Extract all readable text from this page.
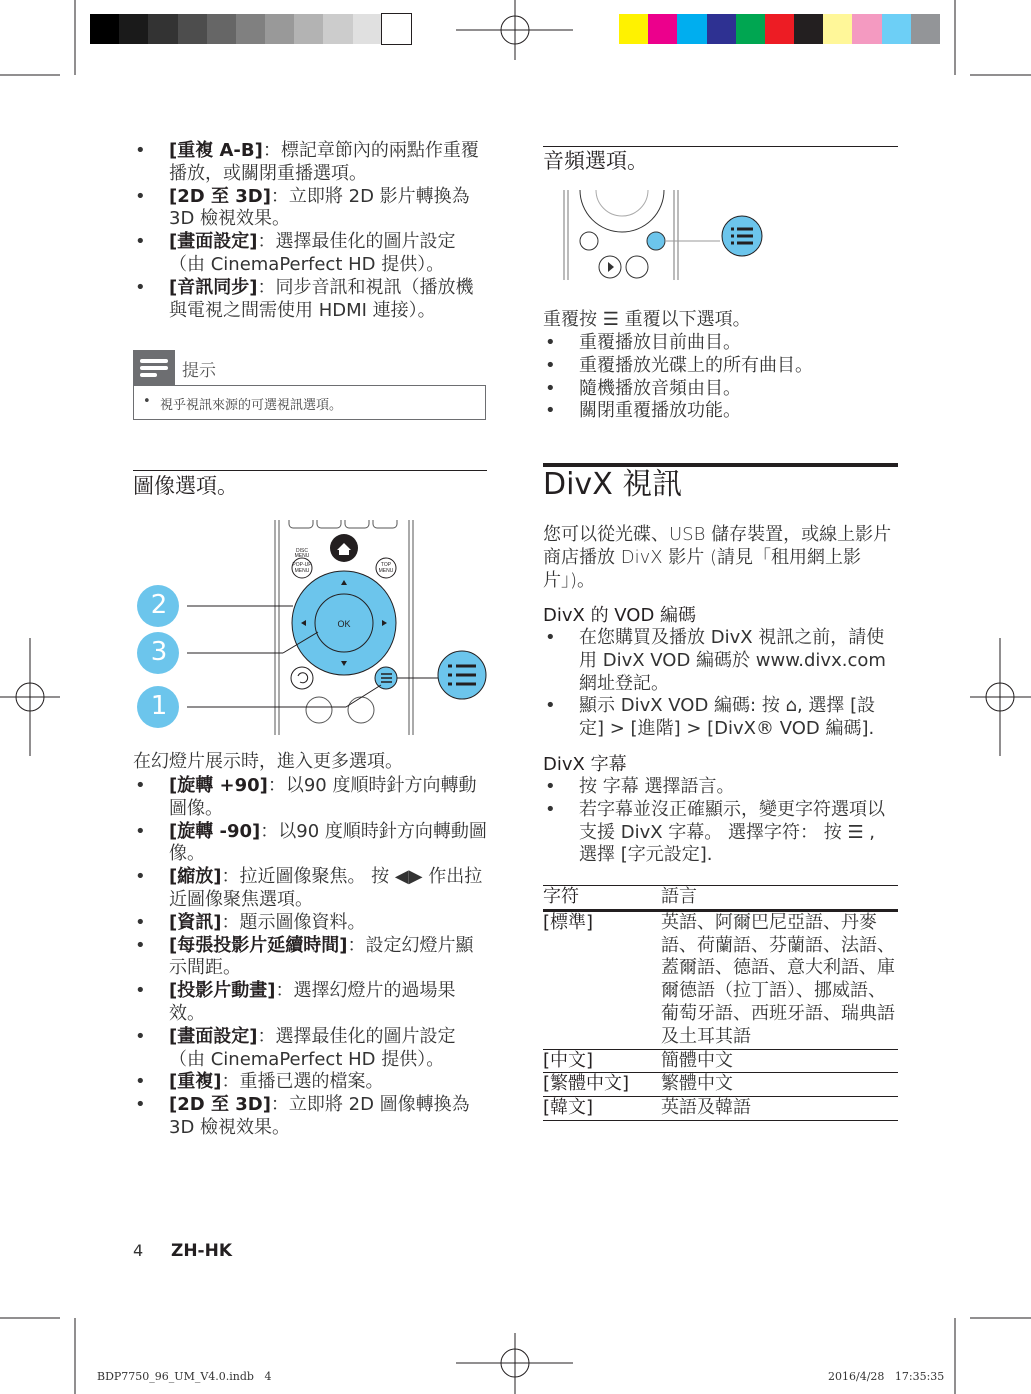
• [重複 A-B]：標記章節內的兩點作重覆播放，或關閉重播選項。
• [2D 至 3D]：立即將 2D 影片轉換為 3D 檢視效果。
• [畫面設定]：選擇最佳化的圖片設定（由 CinemaPerfect HD 提供）。
• [音訊同步]：同步音訊和視訊（播放機與電視之間需使用 HDMI 連接）。
提示
• 視乎視訊來源的可選視訊選項。
圖像選項。
POP-UP
MENU
DISC
MENU
TOP
MENU
OK
2
3
1
在幻燈片展示時，進入更多選項。
• [旋轉 +90]：以90 度順時針方向轉動圖像。
• [旋轉 -90]：以90 度順時針方向轉動圖像。
• [縮放]：拉近圖像聚焦。 按 ◀▶ 作出拉近圖像聚焦選項。
• [資訊]：題示圖像資料。
• [每張投影片延續時間]：設定幻燈片顯示間距。
• [投影片動畫]：選擇幻燈片的過場果效。
• [畫面設定]：選擇最佳化的圖片設定（由 CinemaPerfect HD 提供）。
• [重複]：重播已選的檔案。
• [2D 至 3D]：立即將 2D 圖像轉換為 3D 檢視效果。
音頻選項。
重覆按 ☰ 重覆以下選項。
• 重覆播放目前曲目。
• 重覆播放光碟上的所有曲目。
• 隨機播放音頻由目。
• 關閉重覆播放功能。
DivX 視訊
您可以從光碟、USB 儲存裝置，或線上影片商店播放 DivX 影片 (請見「租用網上影片」)。
DivX 的 VOD 編碼
• 在您購買及播放 DivX 視訊之前，請使用 DivX VOD 編碼於 www.divx.com 網址登記。
• 顯示 DivX VOD 編碼: 按 ⌂, 選擇 [設定] > [進階] > [DivX® VOD 編碼].
DivX 字幕
• 按 字幕 選擇語言。
• 若字幕並沒正確顯示，變更字符選項以支援 DivX 字幕。 選擇字符： 按 ☰ , 選擇 [字元設定].
字符	語言
[標準]	英語、阿爾巴尼亞語、丹麥語、荷蘭語、芬蘭語、法語、蓋爾語、德語、意大利語、庫爾德語（拉丁語）、挪威語、葡萄牙語、西班牙語、瑞典語及土耳其語
[中文]	簡體中文
[繁體中文]	繁體中文
[韓文]	英語及韓語
4 ZH-HK
BDP7750_96_UM_V4.0.indb   4	2016/4/28   17:35:35
